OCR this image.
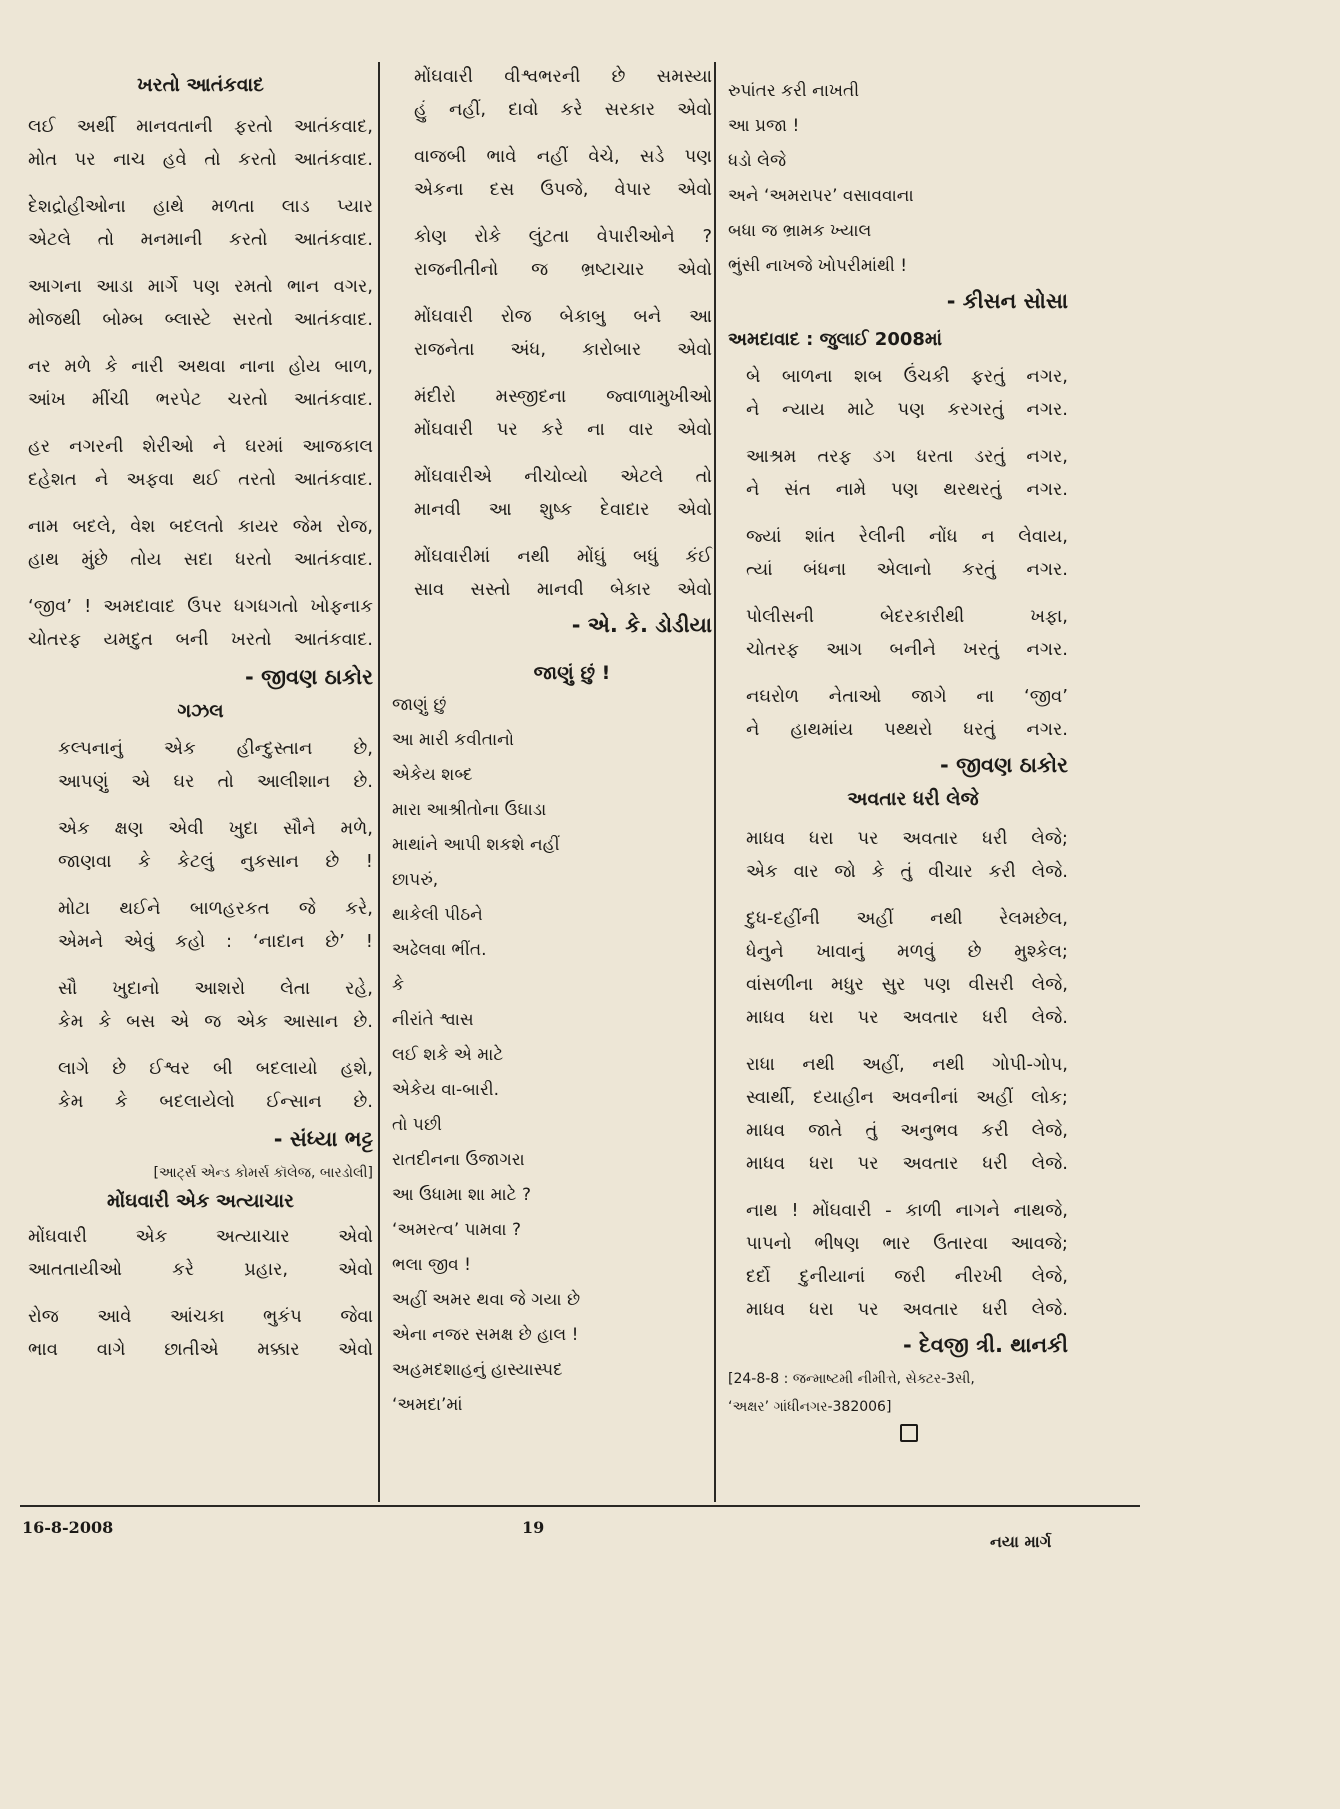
ખરતો આતંકવાદ
લઈ અર્થી માનવતાની ફરતો આતંકવાદ,
મોત પર નાચ હવે તો કરતો આતંકવાદ.
દેશદ્રોહીઓના હાથે મળતા લાડ પ્યાર
એટલે તો મનમાની કરતો આતંકવાદ.
આગના આડા માર્ગે પણ રમતો ભાન વગર,
મોજથી બોમ્બ બ્લાસ્ટે સરતો આતંકવાદ.
નર મળે કે નારી અથવા નાના હોય બાળ,
આંખ મીંચી ભરપેટ ચરતો આતંકવાદ.
હર નગરની શેરીઓ ને ઘરમાં આજકાલ
દહેશત ને અફવા થઈ તરતો આતંકવાદ.
નામ બદલે, વેશ બદલતો કાયર જેમ રોજ,
હાથ મુંછે તોય સદા ધરતો આતંકવાદ.
‘જીવ’ ! અમદાવાદ ઉપર ધગધગતો ખોફનાક
ચોતરફ યમદુત બની ખરતો આતંકવાદ.
- જીવણ ઠાકોર
ગઝલ
કલ્પનાનું એક હીન્દુસ્તાન છે,
આપણું એ ઘર તો આલીશાન છે.
એક ક્ષણ એવી ખુદા સૌને મળે,
જાણવા કે કેટલું નુકસાન છે !
મોટા થઈને બાળહરકત જે કરે,
એમને એવું કહો : ‘નાદાન છે’ !
સૌ ખુદાનો આશરો લેતા રહે,
કેમ કે બસ એ જ એક આસાન છે.
લાગે છે ઈશ્વર બી બદલાયો હશે,
કેમ કે બદલાયેલો ઈન્સાન છે.
- સંધ્યા ભટ્ટ
[આર્ટ્સ એન્ડ કોમર્સ કૉલેજ, બારડોલી]
મોંઘવારી એક અત્યાચાર
મોંઘવારી એક અત્યાચાર એવો
આતતાયીઓ કરે પ્રહાર, એવો
રોજ આવે આંચકા ભુકંપ જેવા
ભાવ વાગે છાતીએ મક્કાર એવો
મોંઘવારી વીશ્વભરની છે સમસ્યા
હું નહીં, દાવો કરે સરકાર એવો
વાજબી ભાવે નહીં વેચે, સડે પણ
એકના દસ ઉપજે, વેપાર એવો
કોણ રોકે લુંટતા વેપારીઓને ?
રાજનીતીનો જ ભ્રષ્ટાચાર એવો
મોંઘવારી રોજ બેકાબુ બને આ
રાજનેતા અંધ, કારોબાર એવો
મંદીરો મસ્જીદના જ્વાળામુખીઓ
મોંઘવારી પર કરે ના વાર એવો
મોંઘવારીએ નીચોવ્યો એટલે તો
માનવી આ શુષ્ક દેવાદાર એવો
મોંઘવારીમાં નથી મોંઘું બધું કંઈ
સાવ સસ્તો માનવી બેકાર એવો
- એ. કે. ડોડીયા
જાણું છું !
જાણું છું
આ મારી કવીતાનો
એકેય શબ્દ
મારા આશ્રીતોના ઉઘાડા
માથાંને આપી શકશે નહીં
છાપરું,
થાકેલી પીઠને
અઢેલવા ભીંત.
કે
નીરાંતે શ્વાસ
લઈ શકે એ માટે
એકેય વા-બારી.
તો પછી
રાતદીનના ઉજાગરા
આ ઉધામા શા માટે ?
‘અમરત્વ’ પામવા ?
ભલા જીવ !
અહીં અમર થવા જે ગયા છે
એના નજર સમક્ષ છે હાલ !
અહમદશાહનું હાસ્યાસ્પદ
‘અમદા’માં
રુપાંતર કરી નાખતી
આ પ્રજા !
ધડો લેજે
અને ‘અમરાપર’ વસાવવાના
બધા જ ભ્રામક ખ્યાલ
ભુંસી નાખજે ખોપરીમાંથી !
- કીસન સોસા
અમદાવાદ : જુલાઈ 2008માં
બે બાળના શબ ઉંચકી ફરતું નગર,
ને ન્યાય માટે પણ કરગરતું નગર.
આશ્રમ તરફ ડગ ધરતા ડરતું નગર,
ને સંત નામે પણ થરથરતું નગર.
જ્યાં શાંત રેલીની નોંધ ન લેવાય,
ત્યાં બંધના એલાનો કરતું નગર.
પોલીસની બેદરકારીથી ખફા,
ચોતરફ આગ બનીને ખરતું નગર.
નઘરોળ નેતાઓ જાગે ના ‘જીવ’
ને હાથમાંય પથ્થરો ધરતું નગર.
- જીવણ ઠાકોર
અવતાર ધરી લેજે
માધવ ધરા પર અવતાર ધરી લેજે;
એક વાર જો કે તું વીચાર કરી લેજે.
દુધ-દહીંની અહીં નથી રેલમછેલ,
ધેનુને ખાવાનું મળવું છે મુશ્કેલ;
વાંસળીના મધુર સુર પણ વીસરી લેજે,
માધવ ધરા પર અવતાર ધરી લેજે.
રાધા નથી અહીં, નથી ગોપી-ગોપ,
સ્વાર્થી, દયાહીન અવનીનાં અહીં લોક;
માધવ જાતે તું અનુભવ કરી લેજે,
માધવ ધરા પર અવતાર ધરી લેજે.
નાથ ! મોંઘવારી - કાળી નાગને નાથજે,
પાપનો ભીષણ ભાર ઉતારવા આવજે;
દર્દો દુનીયાનાં જરી નીરખી લેજે,
માધવ ધરા પર અવતાર ધરી લેજે.
- દેવજી ત્રી. થાનકી
[24-8-8 : જન્માષ્ટમી નીમીત્તે, સેક્ટર-3સી,
‘અક્ષર’ ગાંધીનગર-382006]
16-8-2008	19
નયા માર્ગ
